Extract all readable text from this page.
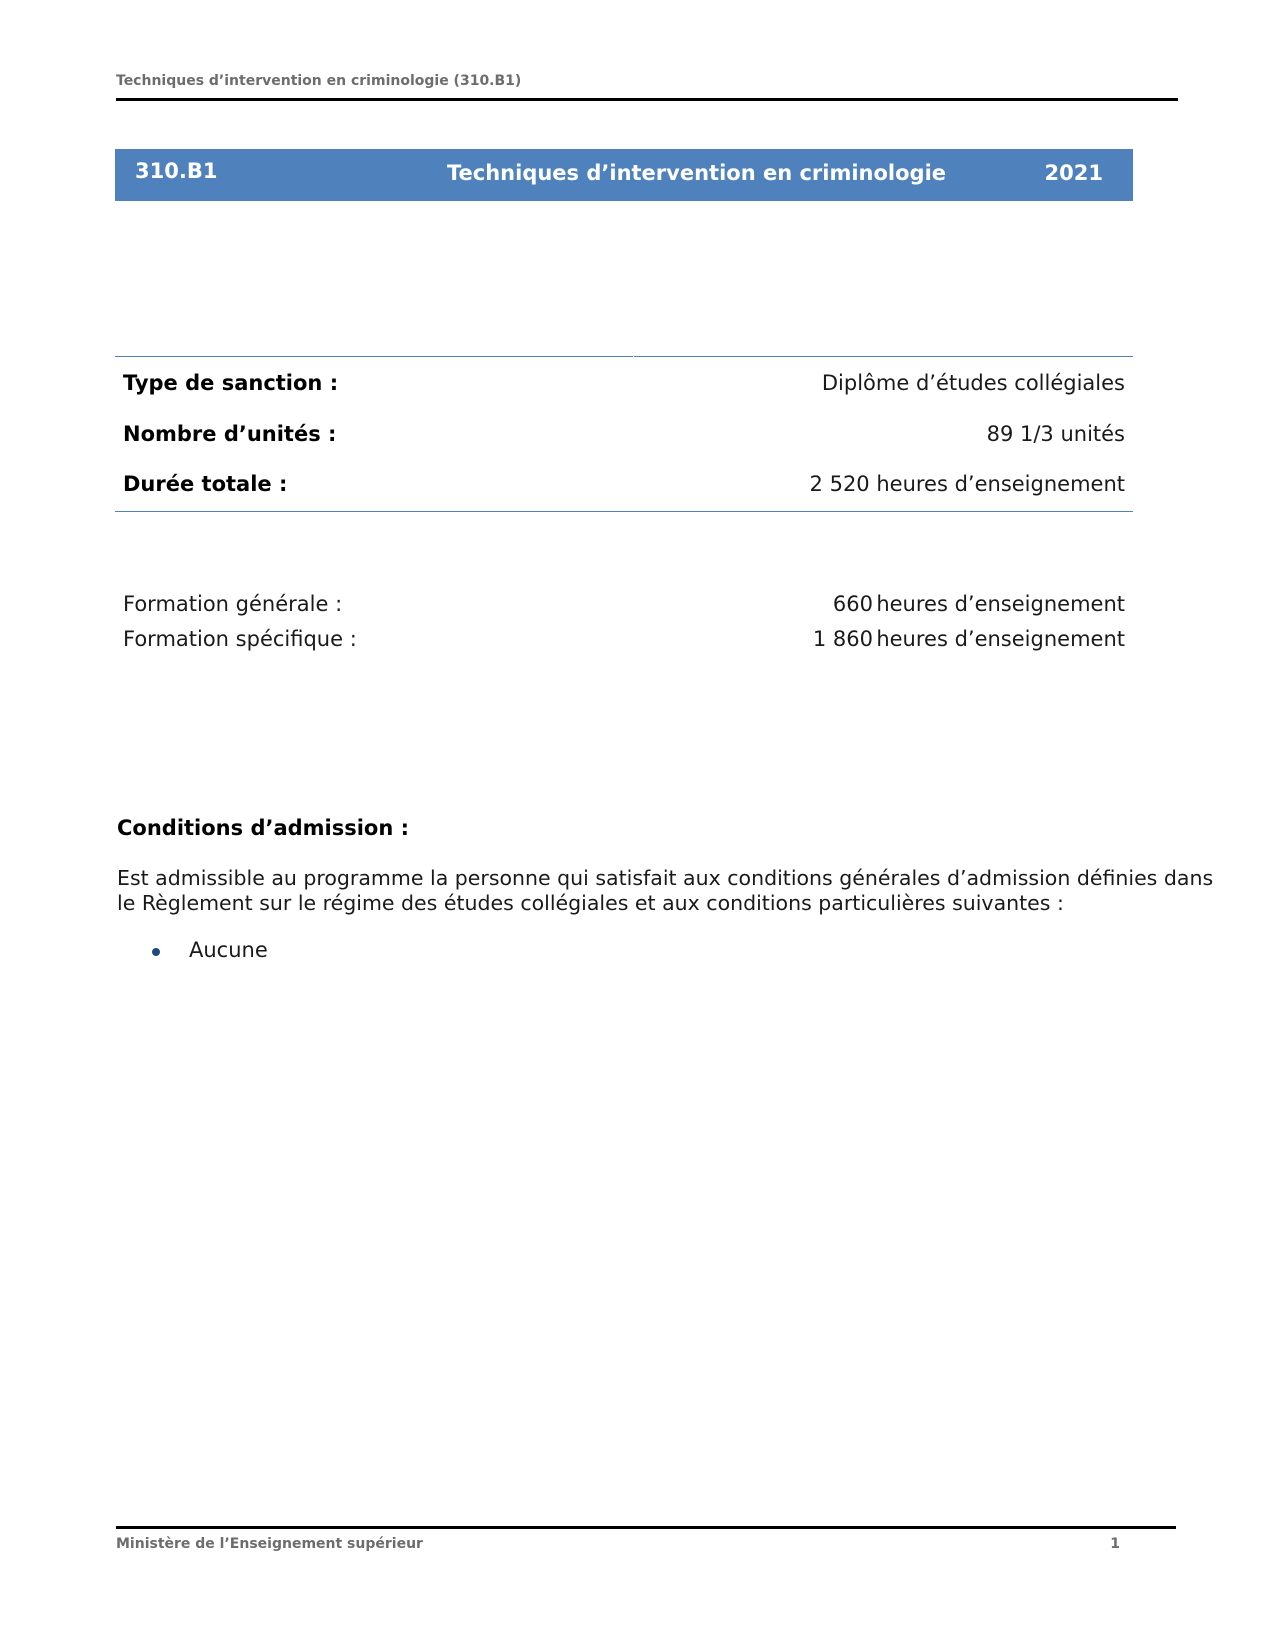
Techniques d’intervention en criminologie (310.B1)
310.B1	Techniques d’intervention en criminologie	2021
Type de sanction :	Diplôme d’études collégiales
Nombre d’unités :	89 1/3 unités
Durée totale :	2 520 heures d’enseignement
Formation générale :	660 heures d’enseignement
Formation spécifique :	1 860 heures d’enseignement
Conditions d’admission :
Est admissible au programme la personne qui satisfait aux conditions générales d’admission définies dans
le Règlement sur le régime des études collégiales et aux conditions particulières suivantes :
Aucune
Ministère de l’Enseignement supérieur	1
